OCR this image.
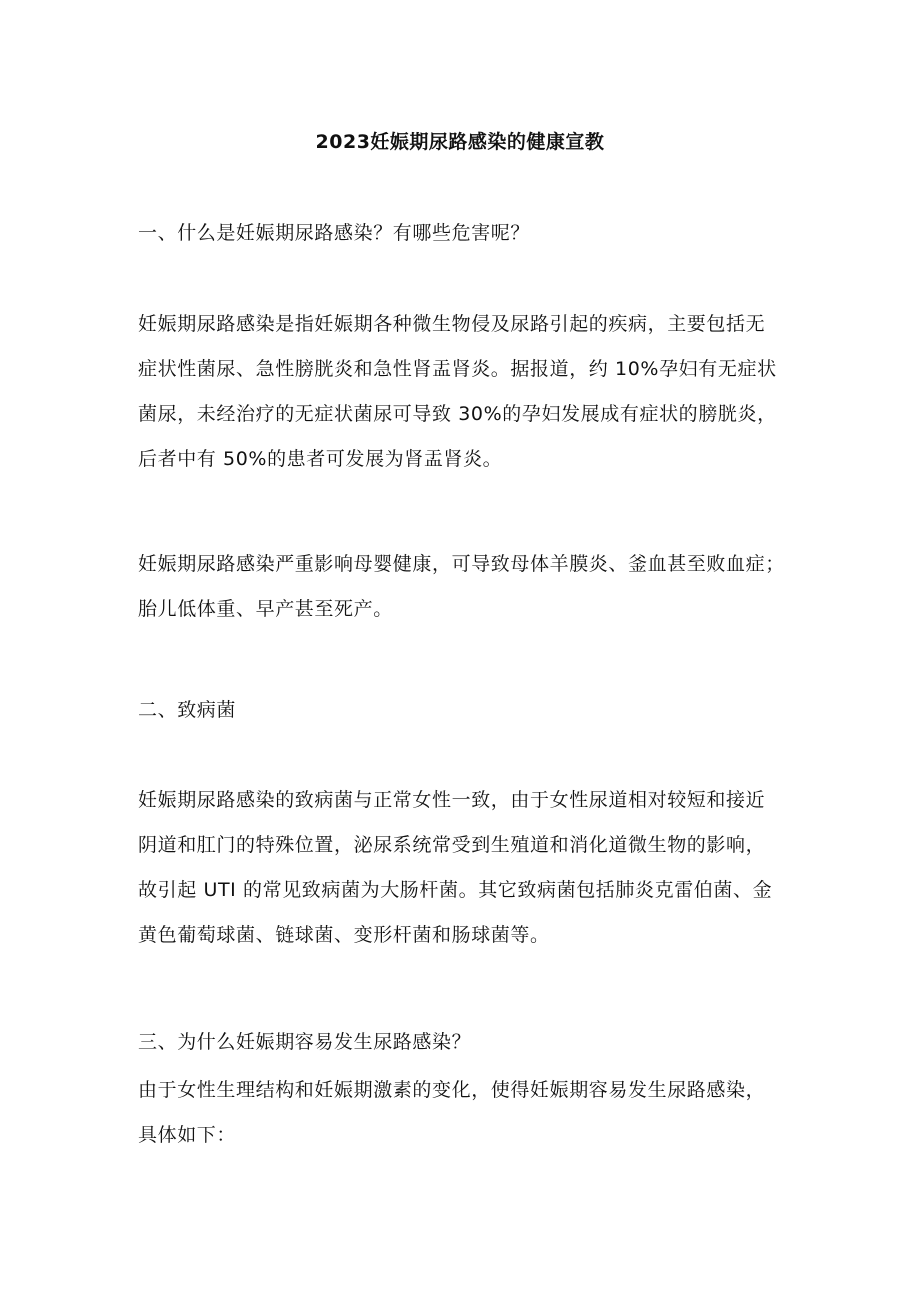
2023妊娠期尿路感染的健康宣教
一、什么是妊娠期尿路感染？有哪些危害呢？

妊娠期尿路感染是指妊娠期各种微生物侵及尿路引起的疾病，主要包括无

症状性菌尿、急性膀胱炎和急性肾盂肾炎。据报道，约 10%孕妇有无症状

菌尿，未经治疗的无症状菌尿可导致 30%的孕妇发展成有症状的膀胱炎，

后者中有 50%的患者可发展为肾盂肾炎。

妊娠期尿路感染严重影响母婴健康，可导致母体羊膜炎、釜血甚至败血症；

胎儿低体重、早产甚至死产。

二、致病菌

妊娠期尿路感染的致病菌与正常女性一致，由于女性尿道相对较短和接近

阴道和肛门的特殊位置，泌尿系统常受到生殖道和消化道微生物的影响，

故引起 UTI 的常见致病菌为大肠杆菌。其它致病菌包括肺炎克雷伯菌、金

黄色葡萄球菌、链球菌、变形杆菌和肠球菌等。

三、为什么妊娠期容易发生尿路感染？

由于女性生理结构和妊娠期激素的变化，使得妊娠期容易发生尿路感染，

具体如下：
